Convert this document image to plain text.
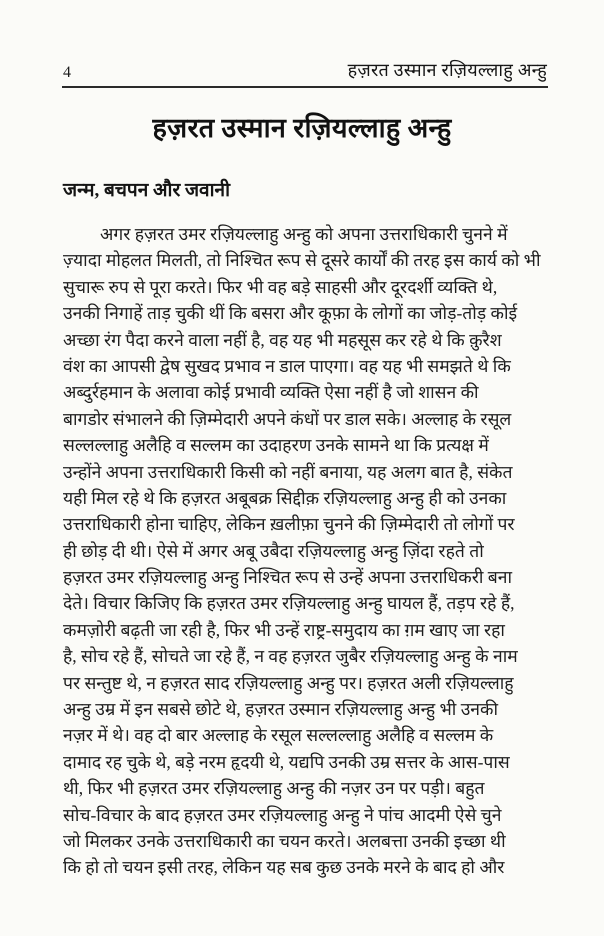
4	हज़रत उस्मान रज़ियल्लाहु अन्हु
हज़रत उस्मान रज़ियल्लाहु अन्हु
जन्म, बचपन और जवानी
अगर हज़रत उमर रज़ियल्लाहु अन्हु को अपना उत्तराधिकारी चुनने में
ज़्यादा मोहलत मिलती, तो निश्चित रूप से दूसरे कार्यों की तरह इस कार्य को भी
सुचारू रुप से पूरा करते। फिर भी वह बड़े साहसी और दूरदर्शी व्यक्ति थे,
उनकी निगाहें ताड़ चुकी थीं कि बसरा और कूफ़ा के लोगों का जोड़-तोड़ कोई
अच्छा रंग पैदा करने वाला नहीं है, वह यह भी महसूस कर रहे थे कि क़ुरैश
वंश का आपसी द्वेष सुखद प्रभाव न डाल पाएगा। वह यह भी समझते थे कि
अब्दुर्रहमान के अलावा कोई प्रभावी व्यक्ति ऐसा नहीं है जो शासन की
बागडोर संभालने की ज़िम्मेदारी अपने कंधों पर डाल सके। अल्लाह के रसूल
सल्लल्लाहु अलैहि व सल्लम का उदाहरण उनके सामने था कि प्रत्यक्ष में
उन्होंने अपना उत्तराधिकारी किसी को नहीं बनाया, यह अलग बात है, संकेत
यही मिल रहे थे कि हज़रत अबूबक्र सिद्दीक़ रज़ियल्लाहु अन्हु ही को उनका
उत्तराधिकारी होना चाहिए, लेकिन ख़लीफ़ा चुनने की ज़िम्मेदारी तो लोगों पर
ही छोड़ दी थी। ऐसे में अगर अबू उबैदा रज़ियल्लाहु अन्हु ज़िंदा रहते तो
हज़रत उमर रज़ियल्लाहु अन्हु निश्चित रूप से उन्हें अपना उत्तराधिकरी बना
देते। विचार किजिए कि हज़रत उमर रज़ियल्लाहु अन्हु घायल हैं, तड़प रहे हैं,
कमज़ोरी बढ़ती जा रही है, फिर भी उन्हें राष्ट्र-समुदाय का ग़म खाए जा रहा
है, सोच रहे हैं, सोचते जा रहे हैं, न वह हज़रत जुबैर रज़ियल्लाहु अन्हु के नाम
पर सन्तुष्ट थे, न हज़रत साद रज़ियल्लाहु अन्हु पर। हज़रत अली रज़ियल्लाहु
अन्हु उम्र में इन सबसे छोटे थे, हज़रत उस्मान रज़ियल्लाहु अन्हु भी उनकी
नज़र में थे। वह दो बार अल्लाह के रसूल सल्लल्लाहु अलैहि व सल्लम के
दामाद रह चुके थे, बड़े नरम हृदयी थे, यद्यपि उनकी उम्र सत्तर के आस-पास
थी, फिर भी हज़रत उमर रज़ियल्लाहु अन्हु की नज़र उन पर पड़ी। बहुत
सोच-विचार के बाद हज़रत उमर रज़ियल्लाहु अन्हु ने पांच आदमी ऐसे चुने
जो मिलकर उनके उत्तराधिकारी का चयन करते। अलबत्ता उनकी इच्छा थी
कि हो तो चयन इसी तरह, लेकिन यह सब कुछ उनके मरने के बाद हो और
